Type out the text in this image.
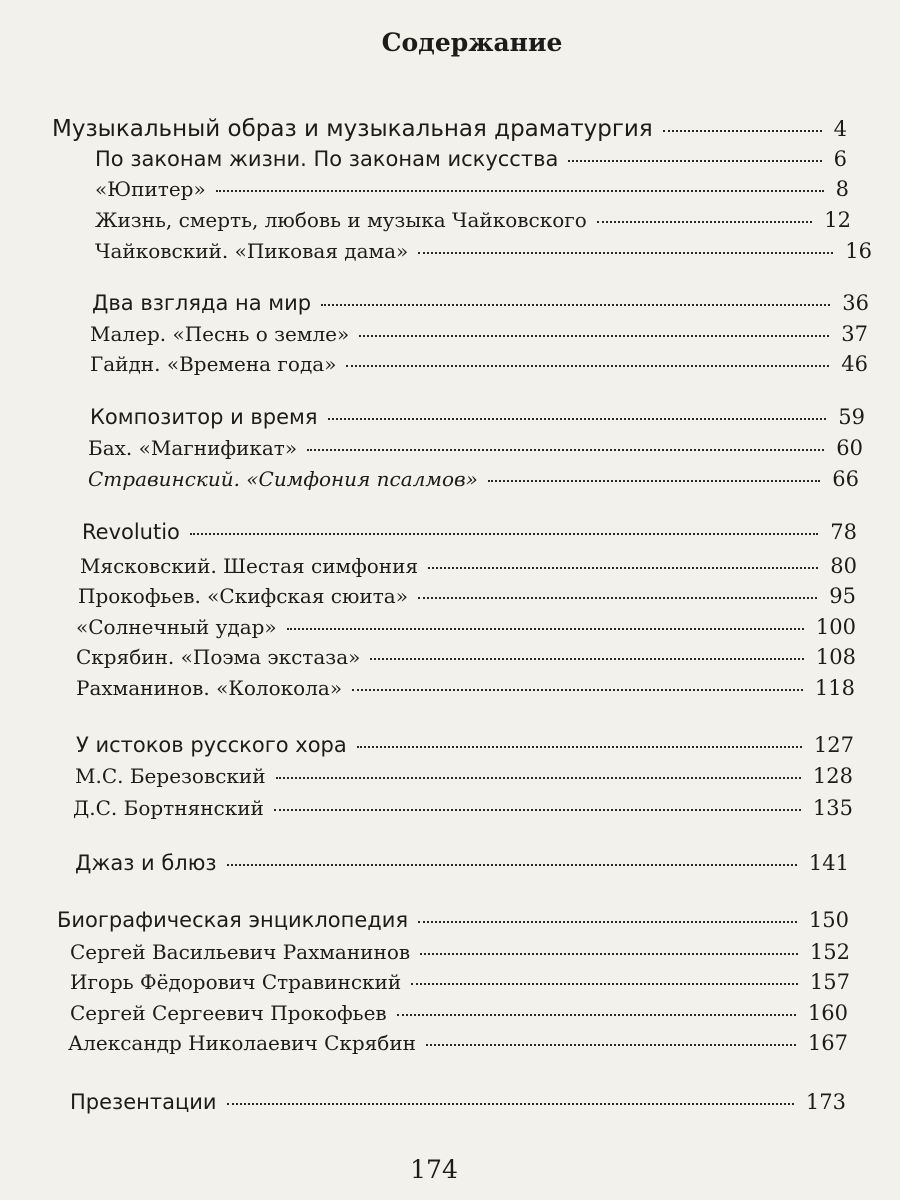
Содержание
Музыкальный образ и музыкальная драматургия	4
По законам жизни. По законам искусства	6
«Юпитер»	8
Жизнь, смерть, любовь и музыка Чайковского	12
Чайковский. «Пиковая дама»	16
Два взгляда на мир	36
Малер. «Песнь о земле»	37
Гайдн. «Времена года»	46
Композитор и время	59
Бах. «Магнификат»	60
Стравинский. «Симфония псалмов»	66
Revolutio	78
Мясковский. Шестая симфония	80
Прокофьев. «Скифская сюита»	95
«Солнечный удар»	100
Скрябин. «Поэма экстаза»	108
Рахманинов. «Колокола»	118
У истоков русского хора	127
М.С. Березовский	128
Д.С. Бортнянский	135
Джаз и блюз	141
Биографическая энциклопедия	150
Сергей Васильевич Рахманинов	152
Игорь Фёдорович Стравинский	157
Сергей Сергеевич Прокофьев	160
Александр Николаевич Скрябин	167
Презентации	173
174
